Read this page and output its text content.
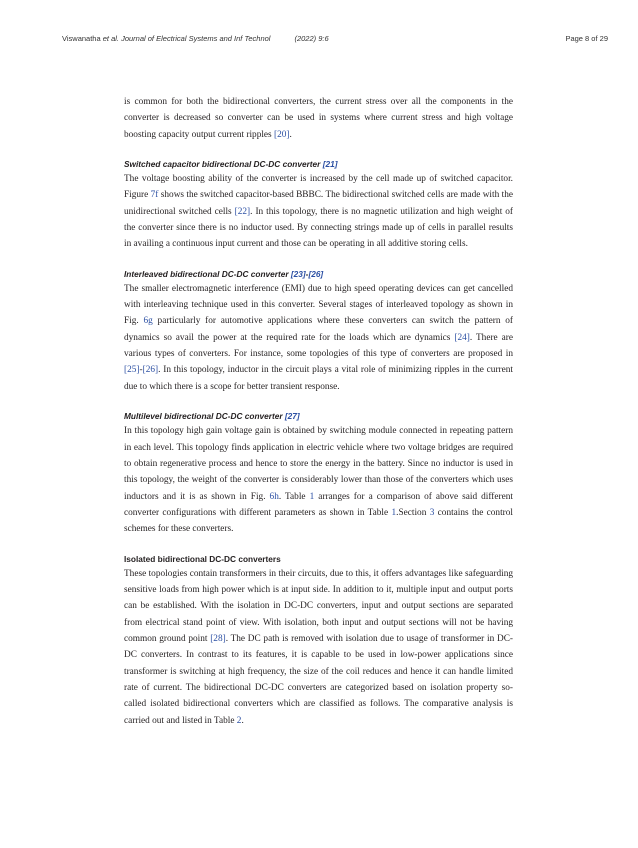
Viswanatha et al. Journal of Electrical Systems and Inf Technol	(2022) 9:6	Page 8 of 29

is common for both the bidirectional converters, the current stress over all the components in the converter is decreased so converter can be used in systems where current stress and high voltage boosting capacity output current ripples [20].

Switched capacitor bidirectional DC-DC converter [21]

The voltage boosting ability of the converter is increased by the cell made up of switched capacitor. Figure 7f shows the switched capacitor-based BBBC. The bidirectional switched cells are made with the unidirectional switched cells [22]. In this topology, there is no magnetic utilization and high weight of the converter since there is no inductor used. By connecting strings made up of cells in parallel results in availing a continuous input current and those can be operating in all additive storing cells.

Interleaved bidirectional DC-DC converter [23]-[26]

The smaller electromagnetic interference (EMI) due to high speed operating devices can get cancelled with interleaving technique used in this converter. Several stages of interleaved topology as shown in Fig. 6g particularly for automotive applications where these converters can switch the pattern of dynamics so avail the power at the required rate for the loads which are dynamics [24]. There are various types of converters. For instance, some topologies of this type of converters are proposed in [25]-[26]. In this topology, inductor in the circuit plays a vital role of minimizing ripples in the current due to which there is a scope for better transient response.

Multilevel bidirectional DC-DC converter [27]

In this topology high gain voltage gain is obtained by switching module connected in repeating pattern in each level. This topology finds application in electric vehicle where two voltage bridges are required to obtain regenerative process and hence to store the energy in the battery. Since no inductor is used in this topology, the weight of the converter is considerably lower than those of the converters which uses inductors and it is as shown in Fig. 6h. Table 1 arranges for a comparison of above said different converter configurations with different parameters as shown in Table 1.Section 3 contains the control schemes for these converters.

Isolated bidirectional DC-DC converters

These topologies contain transformers in their circuits, due to this, it offers advantages like safeguarding sensitive loads from high power which is at input side. In addition to it, multiple input and output ports can be established. With the isolation in DC-DC converters, input and output sections are separated from electrical stand point of view. With isolation, both input and output sections will not be having common ground point [28]. The DC path is removed with isolation due to usage of transformer in DC-DC converters. In contrast to its features, it is capable to be used in low-power applications since transformer is switching at high frequency, the size of the coil reduces and hence it can handle limited rate of current. The bidirectional DC-DC converters are categorized based on isolation property so-called isolated bidirectional converters which are classified as follows. The comparative analysis is carried out and listed in Table 2.
